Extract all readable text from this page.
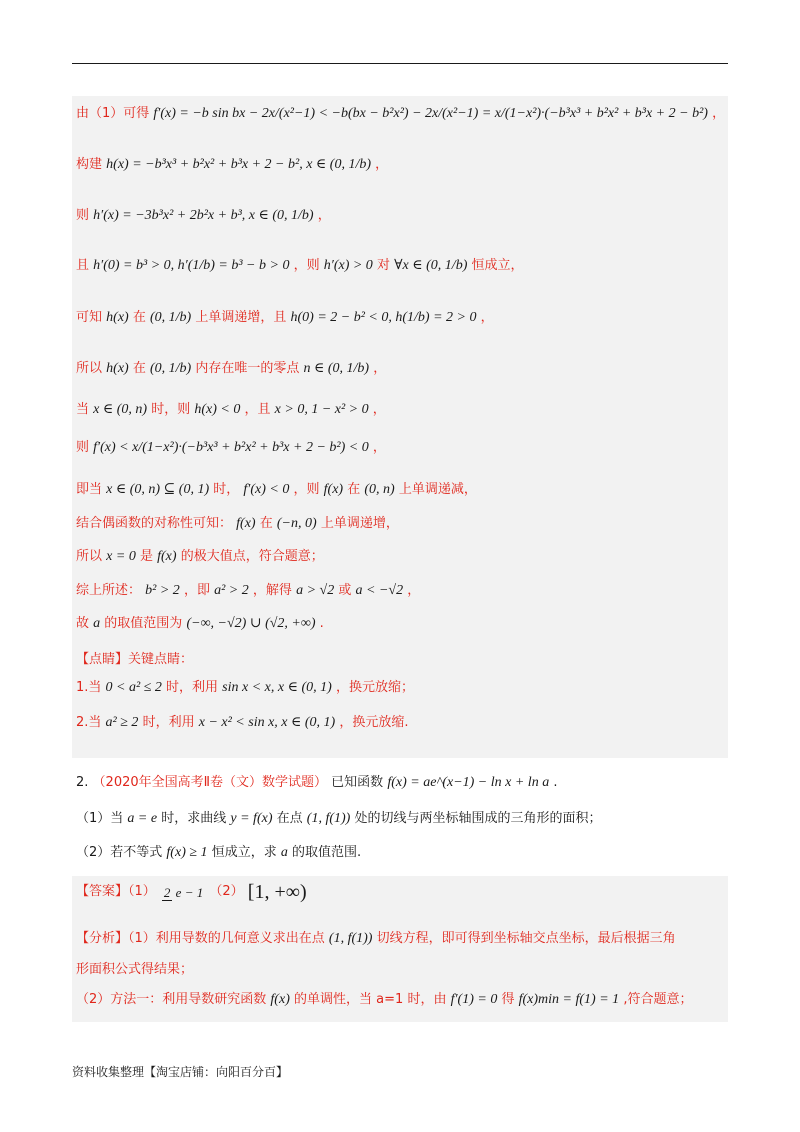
由（1）可得 f′(x) = −b sin bx − 2x/(x²−1) < −b(bx − b²x²) − 2x/(x²−1) = x/(1−x²)·(−b³x³ + b²x² + b³x + 2 − b²) ，
构建 h(x) = −b³x³ + b²x² + b³x + 2 − b², x ∈ (0, 1/b) ，
则 h′(x) = −3b³x² + 2b²x + b³, x ∈ (0, 1/b) ，
且 h′(0) = b³ > 0, h′(1/b) = b³ − b > 0 ，则 h′(x) > 0 对 ∀x ∈ (0, 1/b) 恒成立，
可知 h(x) 在 (0, 1/b) 上单调递增，且 h(0) = 2 − b² < 0, h(1/b) = 2 > 0 ，
所以 h(x) 在 (0, 1/b) 内存在唯一的零点 n ∈ (0, 1/b) ，
当 x ∈ (0, n) 时，则 h(x) < 0 ，且 x > 0, 1 − x² > 0 ，
则 f′(x) < x/(1−x²)·(−b³x³ + b²x² + b³x + 2 − b²) < 0 ，
即当 x ∈ (0, n) ⊆ (0, 1) 时， f′(x) < 0 ，则 f(x) 在 (0, n) 上单调递减，
结合偶函数的对称性可知： f(x) 在 (−n, 0) 上单调递增，
所以 x = 0 是 f(x) 的极大值点，符合题意；
综上所述： b² > 2 ，即 a² > 2 ，解得 a > √2 或 a < −√2 ，
故 a 的取值范围为 (−∞, −√2) ∪ (√2, +∞) .
【点睛】关键点睛：
1.当 0 < a² ≤ 2 时，利用 sin x < x, x ∈ (0, 1) ，换元放缩；
2.当 a² ≥ 2 时，利用 x − x² < sin x, x ∈ (0, 1) ，换元放缩.
2. （2020年全国高考Ⅱ卷（文）数学试题） 已知函数 f(x) = ae^(x−1) − ln x + ln a .
（1）当 a = e 时，求曲线 y = f(x) 在点 (1, f(1)) 处的切线与两坐标轴围成的三角形的面积；
（2）若不等式 f(x) ≥ 1 恒成立，求 a 的取值范围.
【答案】（1） 2 e − 1 （2） [1, +∞)
【分析】（1）利用导数的几何意义求出在点 (1, f(1)) 切线方程，即可得到坐标轴交点坐标，最后根据三角
形面积公式得结果；
（2）方法一：利用导数研究函数 f(x) 的单调性，当 a=1 时，由 f′(1) = 0 得 f(x)min = f(1) = 1 ,符合题意；
资料收集整理【淘宝店铺：向阳百分百】
